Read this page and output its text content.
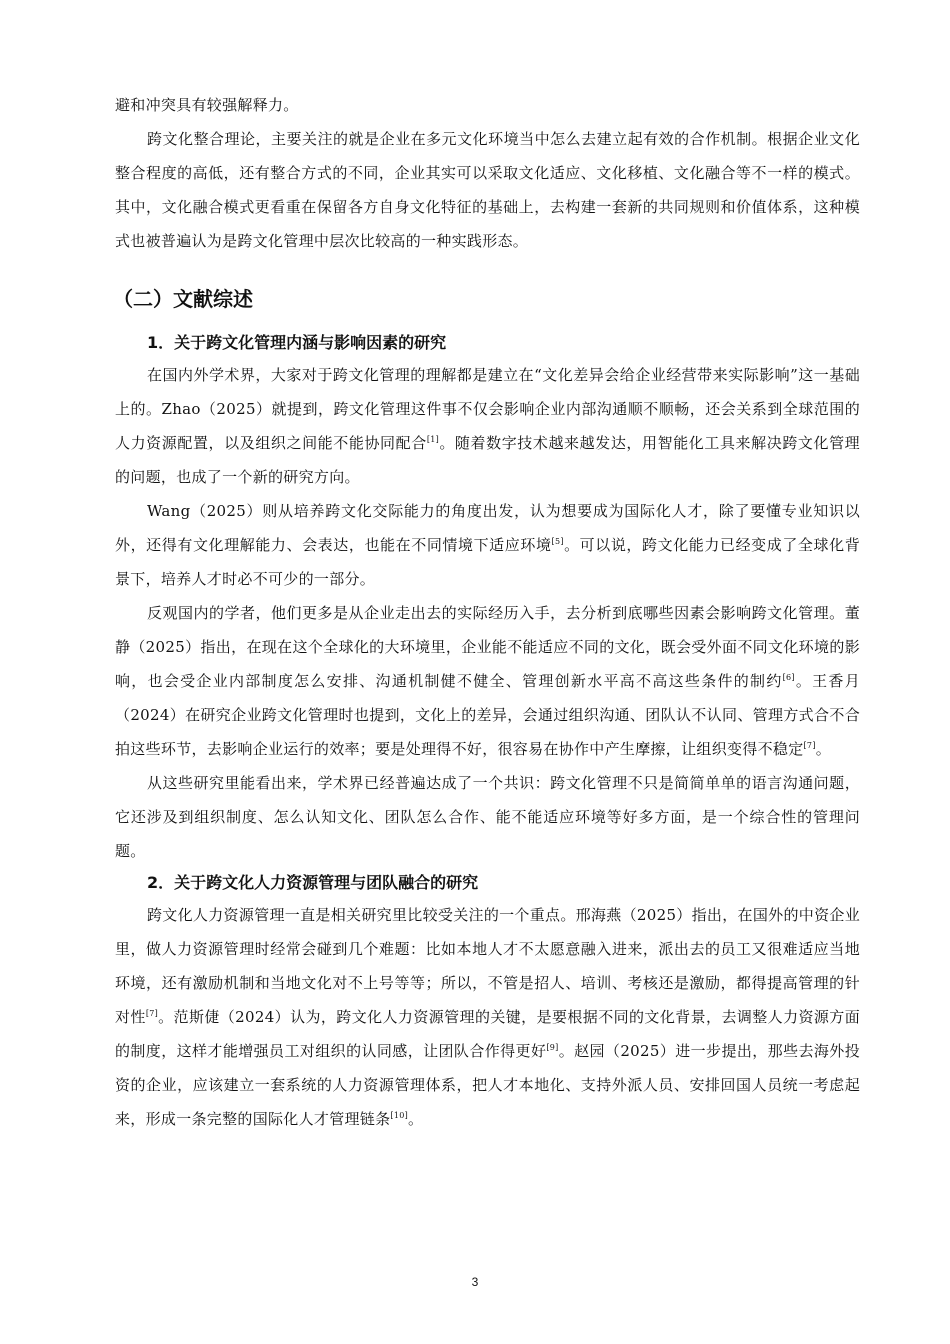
避和冲突具有较强解释力。

跨文化整合理论，主要关注的就是企业在多元文化环境当中怎么去建立起有效的合作机制。根据企业文化整合程度的高低，还有整合方式的不同，企业其实可以采取文化适应、文化移植、文化融合等不一样的模式。其中，文化融合模式更看重在保留各方自身文化特征的基础上，去构建一套新的共同规则和价值体系，这种模式也被普遍认为是跨文化管理中层次比较高的一种实践形态。

（二）文献综述
1．关于跨文化管理内涵与影响因素的研究

在国内外学术界，大家对于跨文化管理的理解都是建立在“文化差异会给企业经营带来实际影响”这一基础上的。Zhao（2025）就提到，跨文化管理这件事不仅会影响企业内部沟通顺不顺畅，还会关系到全球范围的人力资源配置，以及组织之间能不能协同配合[1]。随着数字技术越来越发达，用智能化工具来解决跨文化管理的问题，也成了一个新的研究方向。

Wang（2025）则从培养跨文化交际能力的角度出发，认为想要成为国际化人才，除了要懂专业知识以外，还得有文化理解能力、会表达，也能在不同情境下适应环境[5]。可以说，跨文化能力已经变成了全球化背景下，培养人才时必不可少的一部分。

反观国内的学者，他们更多是从企业走出去的实际经历入手，去分析到底哪些因素会影响跨文化管理。董静（2025）指出，在现在这个全球化的大环境里，企业能不能适应不同的文化，既会受外面不同文化环境的影响，也会受企业内部制度怎么安排、沟通机制健不健全、管理创新水平高不高这些条件的制约[6]。王香月（2024）在研究企业跨文化管理时也提到，文化上的差异，会通过组织沟通、团队认不认同、管理方式合不合拍这些环节，去影响企业运行的效率；要是处理得不好，很容易在协作中产生摩擦，让组织变得不稳定[7]。

从这些研究里能看出来，学术界已经普遍达成了一个共识：跨文化管理不只是简简单单的语言沟通问题，它还涉及到组织制度、怎么认知文化、团队怎么合作、能不能适应环境等好多方面，是一个综合性的管理问题。

2．关于跨文化人力资源管理与团队融合的研究

跨文化人力资源管理一直是相关研究里比较受关注的一个重点。邢海燕（2025）指出，在国外的中资企业里，做人力资源管理时经常会碰到几个难题：比如本地人才不太愿意融入进来，派出去的员工又很难适应当地环境，还有激励机制和当地文化对不上号等等；所以，不管是招人、培训、考核还是激励，都得提高管理的针对性[7]。范斯倢（2024）认为，跨文化人力资源管理的关键，是要根据不同的文化背景，去调整人力资源方面的制度，这样才能增强员工对组织的认同感，让团队合作得更好[9]。赵园（2025）进一步提出，那些去海外投资的企业，应该建立一套系统的人力资源管理体系，把人才本地化、支持外派人员、安排回国人员统一考虑起来，形成一条完整的国际化人才管理链条[10]。

3
